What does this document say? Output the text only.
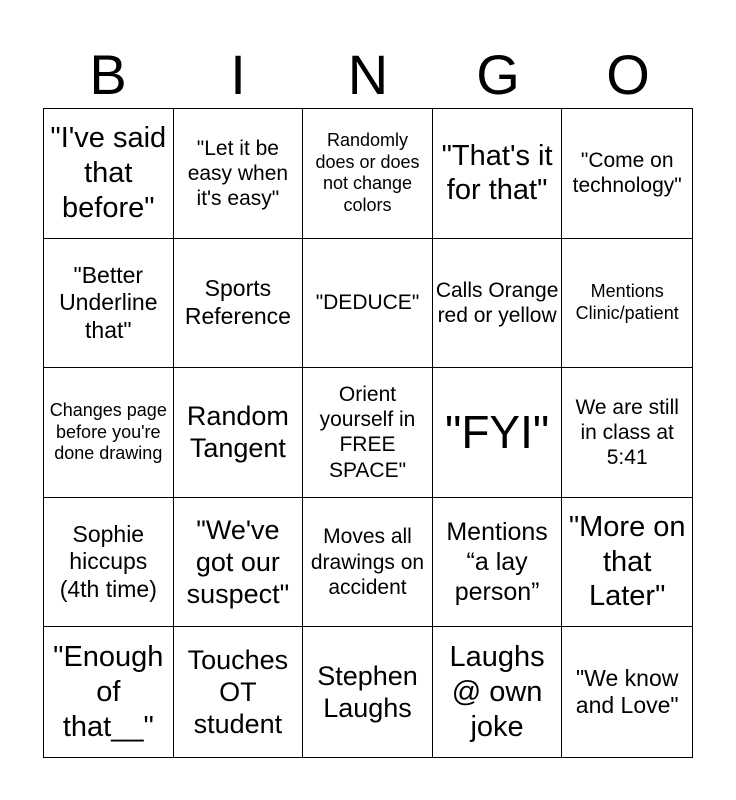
B	I	N	G	O
"I've said that before"
"Let it be easy when it's easy"
Randomly does or does not change colors
"That's it for that"
"Come on technology"
"Better Underline that"
Sports Reference
"DEDUCE"
Calls Orange red or yellow
Mentions Clinic/patient
Changes page before you're done drawing
Random Tangent
Orient yourself in FREE SPACE"
"FYI"	We are still in class at 5:41
Sophie hiccups (4th time)
"We've got our suspect"
Moves all drawings on accident
Mentions “a lay person”
"More on that Later"
"Enough of that__"
Touches OT student
Stephen Laughs
Laughs @ own joke
"We know and Love"
